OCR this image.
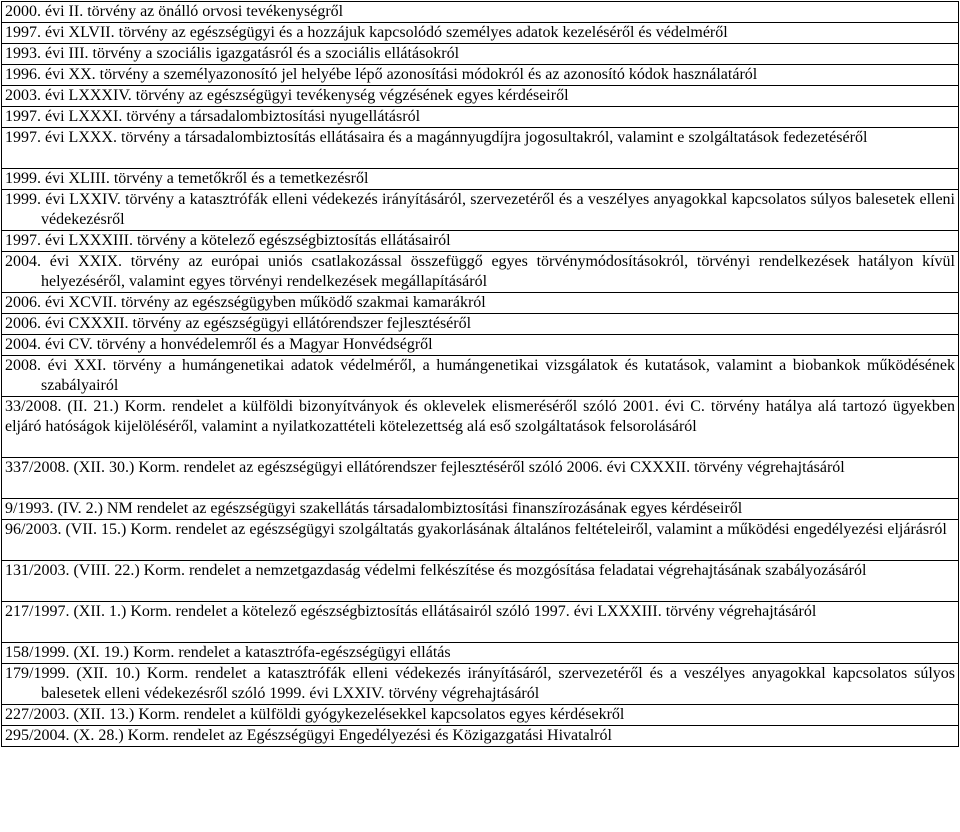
2000. évi II. törvény az önálló orvosi tevékenységről

1997. évi XLVII. törvény az egészségügyi és a hozzájuk kapcsolódó személyes adatok kezeléséről és védelméről

1993. évi III. törvény a szociális igazgatásról és a szociális ellátásokról

1996. évi XX. törvény a személyazonosító jel helyébe lépő azonosítási módokról és az azonosító kódok használatáról

2003. évi LXXXIV. törvény az egészségügyi tevékenység végzésének egyes kérdéseiről

1997. évi LXXXI. törvény a társadalombiztosítási nyugellátásról

1997. évi LXXX. törvény a társadalombiztosítás ellátásaira és a magánnyugdíjra jogosultakról, valamint e szolgáltatások fedezetéséről

1999. évi XLIII. törvény a temetőkről és a temetkezésről

1999. évi LXXIV. törvény a katasztrófák elleni védekezés irányításáról, szervezetéről és a veszélyes anyagokkal kapcsolatos súlyos balesetek elleni védekezésről

1997. évi LXXXIII. törvény a kötelező egészségbiztosítás ellátásairól

2004. évi XXIX. törvény az európai uniós csatlakozással összefüggő egyes törvénymódosításokról, törvényi rendelkezések hatályon kívül helyezéséről, valamint egyes törvényi rendelkezések megállapításáról

2006. évi XCVII. törvény az egészségügyben működő szakmai kamarákról

2006. évi CXXXII. törvény az egészségügyi ellátórendszer fejlesztéséről

2004. évi CV. törvény a honvédelemről és a Magyar Honvédségről

2008. évi XXI. törvény a humángenetikai adatok védelméről, a humángenetikai vizsgálatok és kutatások, valamint a biobankok működésének szabályairól

33/2008. (II. 21.) Korm. rendelet a külföldi bizonyítványok és oklevelek elismeréséről szóló 2001. évi C. törvény hatálya alá tartozó ügyekben eljáró hatóságok kijelöléséről, valamint a nyilatkozattételi kötelezettség alá eső szolgáltatások felsorolásáról

337/2008. (XII. 30.) Korm. rendelet az egészségügyi ellátórendszer fejlesztéséről szóló 2006. évi CXXXII. törvény végrehajtásáról

9/1993. (IV. 2.) NM rendelet az egészségügyi szakellátás társadalombiztosítási finanszírozásának egyes kérdéseiről

96/2003. (VII. 15.) Korm. rendelet az egészségügyi szolgáltatás gyakorlásának általános feltételeiről, valamint a működési engedélyezési eljárásról

131/2003. (VIII. 22.) Korm. rendelet a nemzetgazdaság védelmi felkészítése és mozgósítása feladatai végrehajtásának szabályozásáról

217/1997. (XII. 1.) Korm. rendelet a kötelező egészségbiztosítás ellátásairól szóló 1997. évi LXXXIII. törvény végrehajtásáról

158/1999. (XI. 19.) Korm. rendelet a katasztrófa-egészségügyi ellátás

179/1999. (XII. 10.) Korm. rendelet a katasztrófák elleni védekezés irányításáról, szervezetéről és a veszélyes anyagokkal kapcsolatos súlyos balesetek elleni védekezésről szóló 1999. évi LXXIV. törvény végrehajtásáról

227/2003. (XII. 13.) Korm. rendelet a külföldi gyógykezelésekkel kapcsolatos egyes kérdésekről

295/2004. (X. 28.) Korm. rendelet az Egészségügyi Engedélyezési és Közigazgatási Hivatalról
